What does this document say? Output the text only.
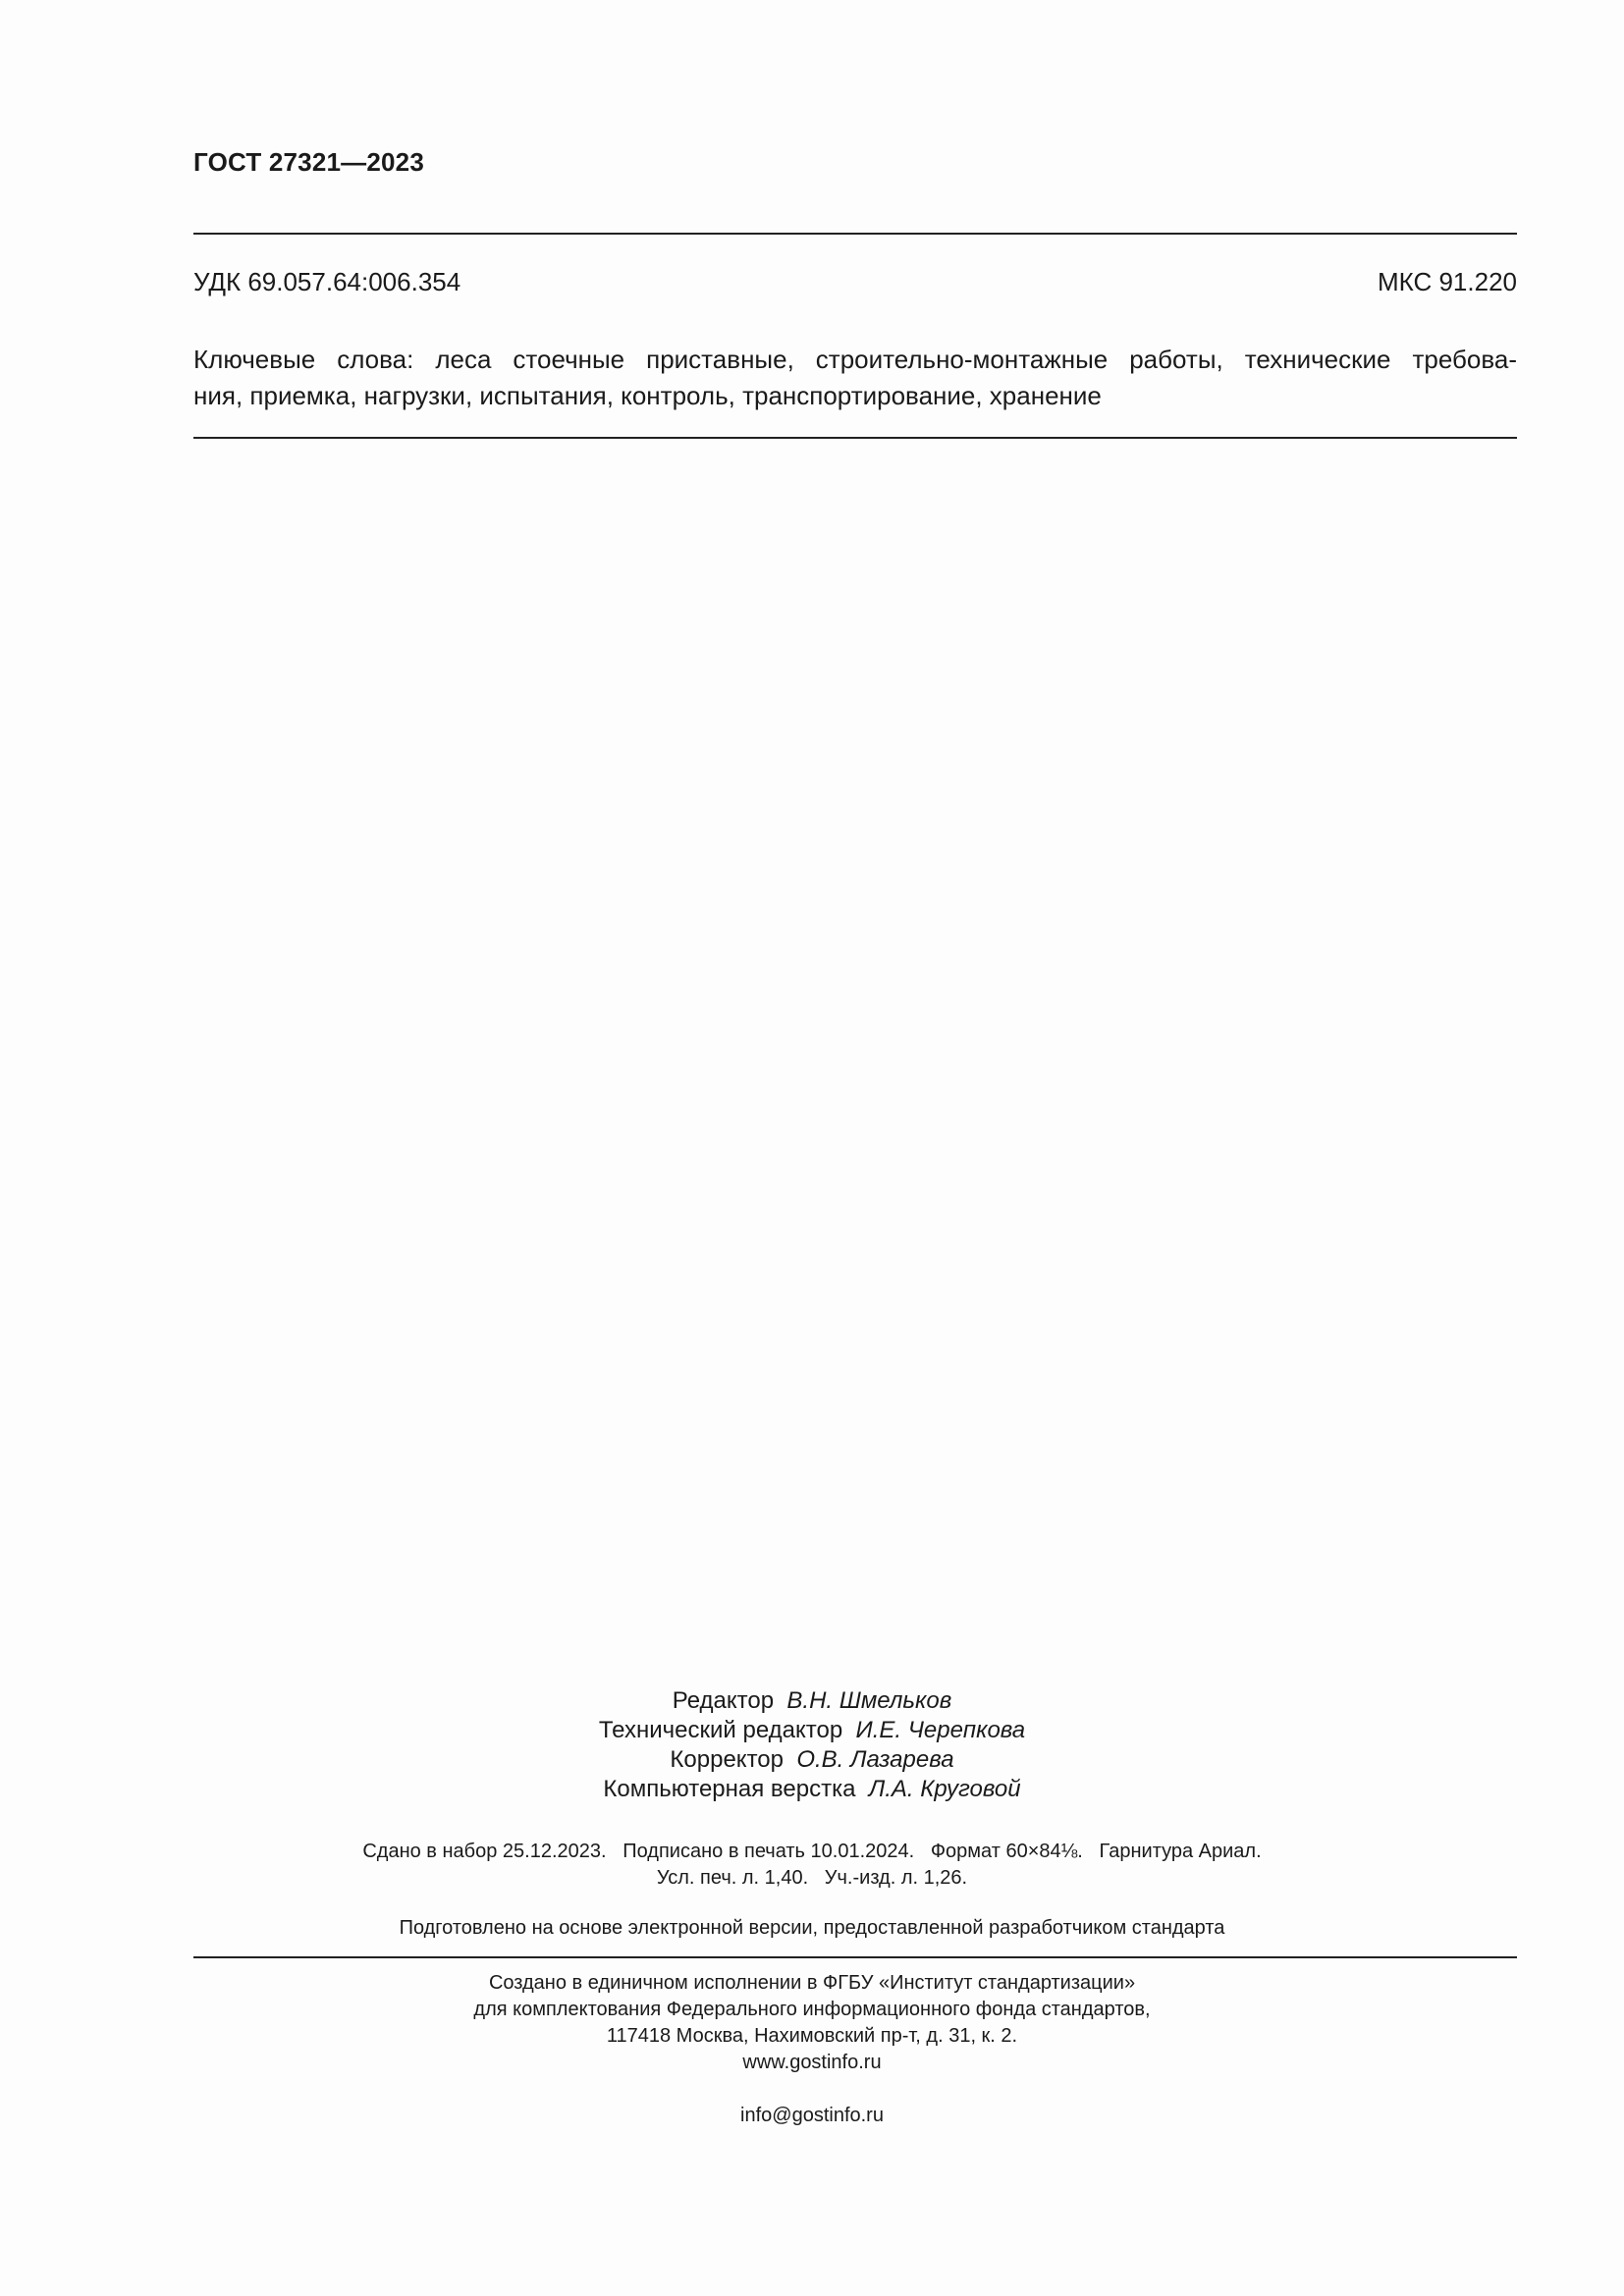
ГОСТ 27321—2023
УДК 69.057.64:006.354	МКС 91.220

Ключевые слова: леса стоечные приставные, строительно-монтажные работы, технические требова-
ния, приемка, нагрузки, испытания, контроль, транспортирование, хранение

Редактор В.Н. Шмельков
Технический редактор И.Е. Черепкова
Корректор О.В. Лазарева
Компьютерная верстка Л.А. Круговой
Сдано в набор 25.12.2023.   Подписано в печать 10.01.2024.   Формат 60×84⅛.   Гарнитура Ариал.
Усл. печ. л. 1,40.   Уч.-изд. л. 1,26.
Подготовлено на основе электронной версии, предоставленной разработчиком стандарта
Создано в единичном исполнении в ФГБУ «Институт стандартизации»
для комплектования Федерального информационного фонда стандартов,
117418 Москва, Нахимовский пр-т, д. 31, к. 2.
www.gostinfo.ru

info@gostinfo.ru
